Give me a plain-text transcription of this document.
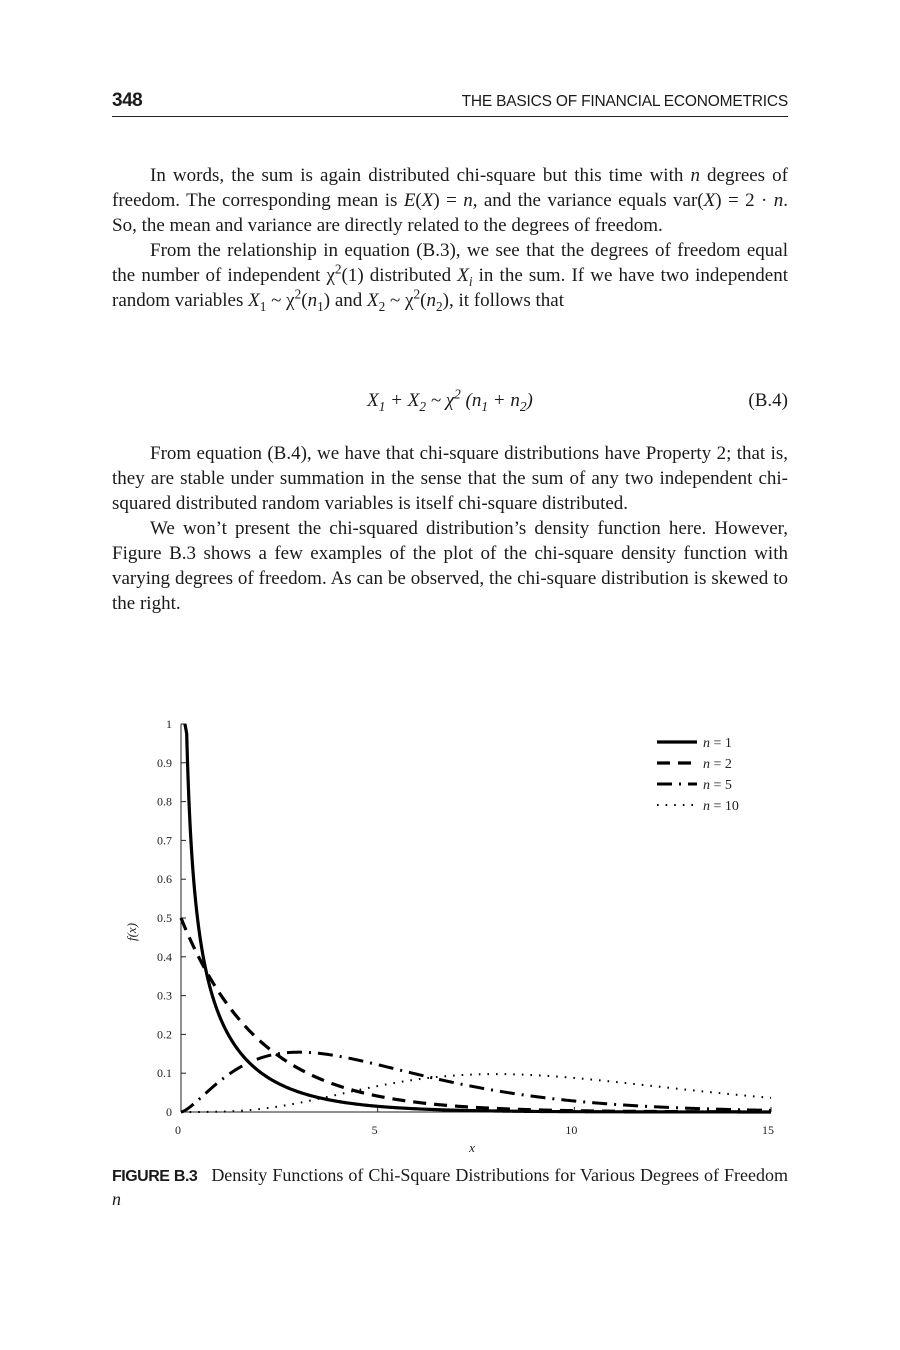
348	THE BASICS OF FINANCIAL ECONOMETRICS

In words, the sum is again distributed chi-square but this time with n degrees of freedom. The corresponding mean is E(X) = n, and the variance equals var(X) = 2 · n. So, the mean and variance are directly related to the degrees of freedom.

From the relationship in equation (B.3), we see that the degrees of freedom equal the number of independent $\chi^2(1)$ distributed $X_i$ in the sum. If we have two independent random variables $X_1$ ~ $\chi^2(n_1)$ and $X_2$ ~ $\chi^2(n_2)$, it follows that

$X_1 + X_2$ ~ $\chi^2$ $(n_1 + n_2)$	(B.4)

From equation (B.4), we have that chi-square distributions have Property 2; that is, they are stable under summation in the sense that the sum of any two independent chi-squared distributed random variables is itself chi-square distributed.

We won’t present the chi-squared distribution’s density function here. However, Figure B.3 shows a few examples of the plot of the chi-square density function with varying degrees of freedom. As can be observed, the chi-square distribution is skewed to the right.

0
0.1
0.2
0.3
0.4
0.5
0.6
0.7
0.8
0.9
1
0	5	10	15
x
f(x)
n = 1
n = 2
n = 5
n = 10
FIGURE B.3 Density Functions of Chi-Square Distributions for Various Degrees of Freedom n
